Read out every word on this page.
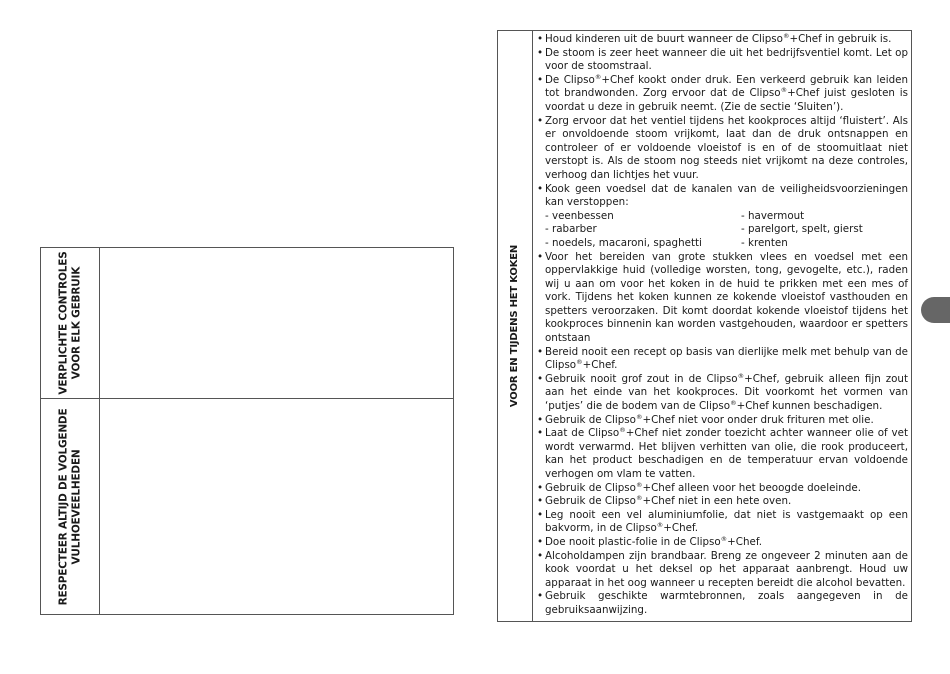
VERPLICHTE CONTROLES VOOR ELK GEBRUIK
RESPECTEER ALTIJD DE VOLGENDE VULHOEVEELHEDEN
VOOR EN TIJDENS HET KOKEN
• Houd kinderen uit de buurt wanneer de Clipso®+Chef in gebruik is.
• De stoom is zeer heet wanneer die uit het bedrijfsventiel komt. Let op voor de stoomstraal.
• De Clipso®+Chef kookt onder druk. Een verkeerd gebruik kan leiden tot brandwonden. Zorg ervoor dat de Clipso®+Chef juist gesloten is voordat u deze in gebruik neemt. (Zie de sectie ‘Sluiten’).
• Zorg ervoor dat het ventiel tijdens het kookproces altijd ‘fluistert’. Als er onvoldoende stoom vrijkomt, laat dan de druk ontsnappen en controleer of er voldoende vloeistof is en of de stoomuitlaat niet verstopt is. Als de stoom nog steeds niet vrijkomt na deze controles, verhoog dan lichtjes het vuur.
• Kook geen voedsel dat de kanalen van de veiligheidsvoorzieningen kan verstoppen:
- veenbessen	- havermout
- rabarber	- parelgort, spelt, gierst
- noedels, macaroni, spaghetti	- krenten
• Voor het bereiden van grote stukken vlees en voedsel met een oppervlakkige huid (volledige worsten, tong, gevogelte, etc.), raden wij u aan om voor het koken in de huid te prikken met een mes of vork. Tijdens het koken kunnen ze kokende vloeistof vasthouden en spetters veroorzaken. Dit komt doordat kokende vloeistof tijdens het kookproces binnenin kan worden vastgehouden, waardoor er spetters ontstaan
• Bereid nooit een recept op basis van dierlijke melk met behulp van de Clipso®+Chef.
• Gebruik nooit grof zout in de Clipso®+Chef, gebruik alleen fijn zout aan het einde van het kookproces. Dit voorkomt het vormen van ‘putjes’ die de bodem van de Clipso®+Chef kunnen beschadigen.
• Gebruik de Clipso®+Chef niet voor onder druk frituren met olie.
• Laat de Clipso®+Chef niet zonder toezicht achter wanneer olie of vet wordt verwarmd. Het blijven verhitten van olie, die rook produceert, kan het product beschadigen en de temperatuur ervan voldoende verhogen om vlam te vatten.
• Gebruik de Clipso®+Chef alleen voor het beoogde doeleinde.
• Gebruik de Clipso®+Chef niet in een hete oven.
• Leg nooit een vel aluminiumfolie, dat niet is vastgemaakt op een bakvorm, in de Clipso®+Chef.
• Doe nooit plastic-folie in de Clipso®+Chef.
• Alcoholdampen zijn brandbaar. Breng ze ongeveer 2 minuten aan de kook voordat u het deksel op het apparaat aanbrengt. Houd uw apparaat in het oog wanneer u recepten bereidt die alcohol bevatten.
• Gebruik geschikte warmtebronnen, zoals aangegeven in de gebruiksaanwijzing.
